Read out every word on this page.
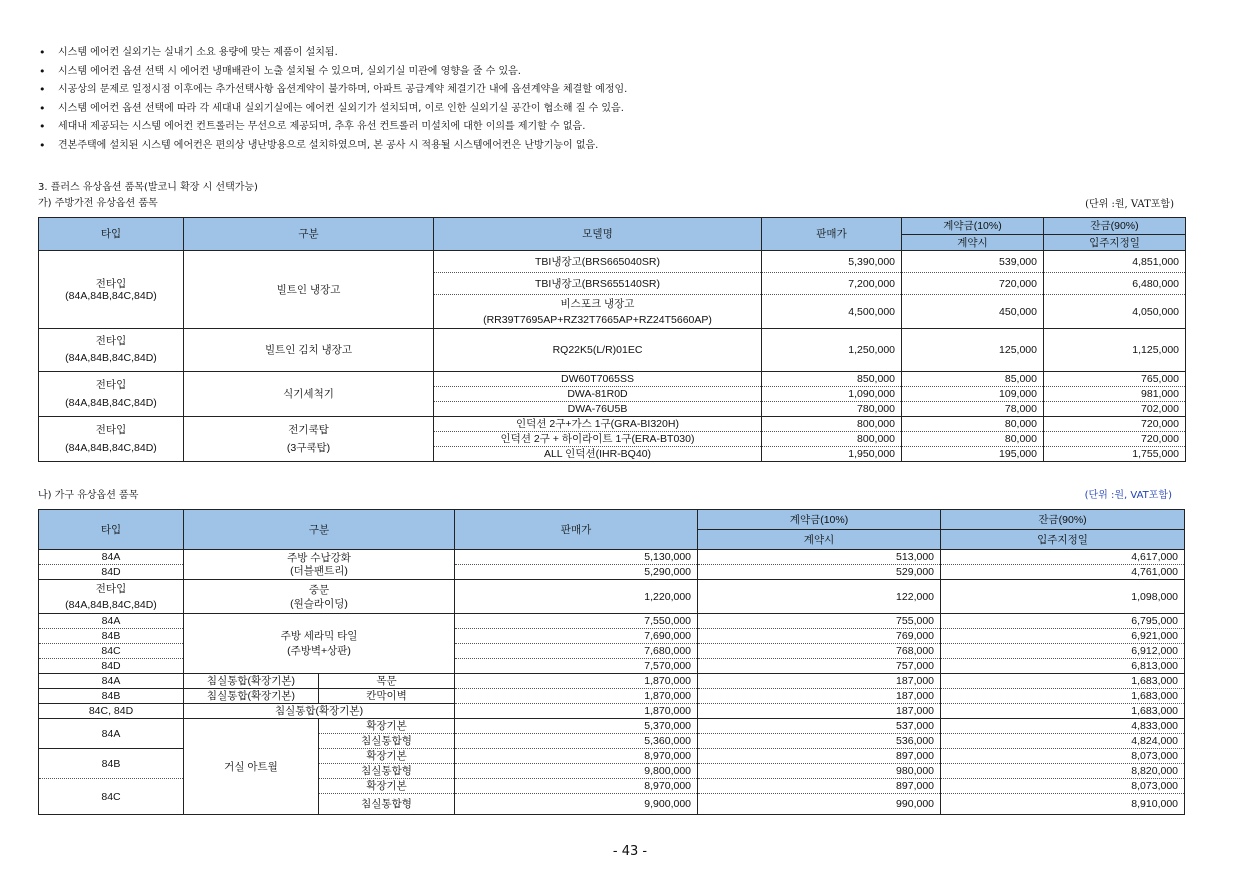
• 시스템 에어컨 실외기는 실내기 소요 용량에 맞는 제품이 설치됨.
• 시스템 에어컨 옵션 선택 시 에어컨 냉매배관이 노출 설치될 수 있으며, 실외기실 미관에 영향을 줄 수 있음.
• 시공상의 문제로 일정시점 이후에는 추가선택사항 옵션계약이 불가하며, 아파트 공급계약 체결기간 내에 옵션계약을 체결할 예정임.
• 시스템 에어컨 옵션 선택에 따라 각 세대내 실외기실에는 에어컨 실외기가 설치되며, 이로 인한 실외기실 공간이 협소해 질 수 있음.
• 세대내 제공되는 시스템 에어컨 컨트롤러는 무선으로 제공되며, 추후 유선 컨트롤러 미설치에 대한 이의를 제기할 수 없음.
• 견본주택에 설치된 시스템 에어컨은 편의상 냉난방용으로 설치하였으며, 본 공사 시 적용될 시스템에어컨은 난방기능이 없음.
3. 플러스 유상옵션 품목(발코니 확장 시 선택가능)
가) 주방가전 유상옵션 품목	(단위 :원, VAT포함)
타입	구분	모델명	판매가	계약금(10%)	잔금(90%)
				계약시	입주지정일
전타입
(84A,84B,84C,84D)	빌트인 냉장고	TBI냉장고(BRS665040SR)	5,390,000	539,000	4,851,000
		TBI냉장고(BRS655140SR)	7,200,000	720,000	6,480,000
		비스포크 냉장고
(RR39T7695AP+RZ32T7665AP+RZ24T5660AP)	4,500,000	450,000	4,050,000
전타입
(84A,84B,84C,84D)	빌트인 김치 냉장고	RQ22K5(L/R)01EC	1,250,000	125,000	1,125,000
전타입
(84A,84B,84C,84D)	식기세척기	DW60T7065SS	850,000	85,000	765,000
		DWA-81R0D	1,090,000	109,000	981,000
		DWA-76U5B	780,000	78,000	702,000
전타입
(84A,84B,84C,84D)	전기쿡탑
(3구쿡탑)	인덕션 2구+가스 1구(GRA-BI320H)	800,000	80,000	720,000
		인덕션 2구 + 하이라이트 1구(ERA-BT030)	800,000	80,000	720,000
		ALL 인덕션(IHR-BQ40)	1,950,000	195,000	1,755,000
나) 가구 유상옵션 품목	(단위 :원, VAT포함)
타입	구분		판매가	계약금(10%)	잔금(90%)
				계약시	입주지정일
84A	주방 수납강화
(더블팬트리)		5,130,000	513,000	4,617,000
84D			5,290,000	529,000	4,761,000
전타입
(84A,84B,84C,84D)	중문
(원슬라이딩)		1,220,000	122,000	1,098,000
84A	주방 세라믹 타일
(주방벽+상판)		7,550,000	755,000	6,795,000
84B			7,690,000	769,000	6,921,000
84C			7,680,000	768,000	6,912,000
84D			7,570,000	757,000	6,813,000
84A	침실통합(확장기본)	목문	1,870,000	187,000	1,683,000
84B	침실통합(확장기본)	칸막이벽	1,870,000	187,000	1,683,000
84C, 84D	침실통합(확장기본)		1,870,000	187,000	1,683,000
84A	거실 아트월	확장기본	5,370,000	537,000	4,833,000
		침실통합형	5,360,000	536,000	4,824,000
84B		확장기본	8,970,000	897,000	8,073,000
		침실통합형	9,800,000	980,000	8,820,000
84C		확장기본	8,970,000	897,000	8,073,000
		침실통합형	9,900,000	990,000	8,910,000
- 43 -
